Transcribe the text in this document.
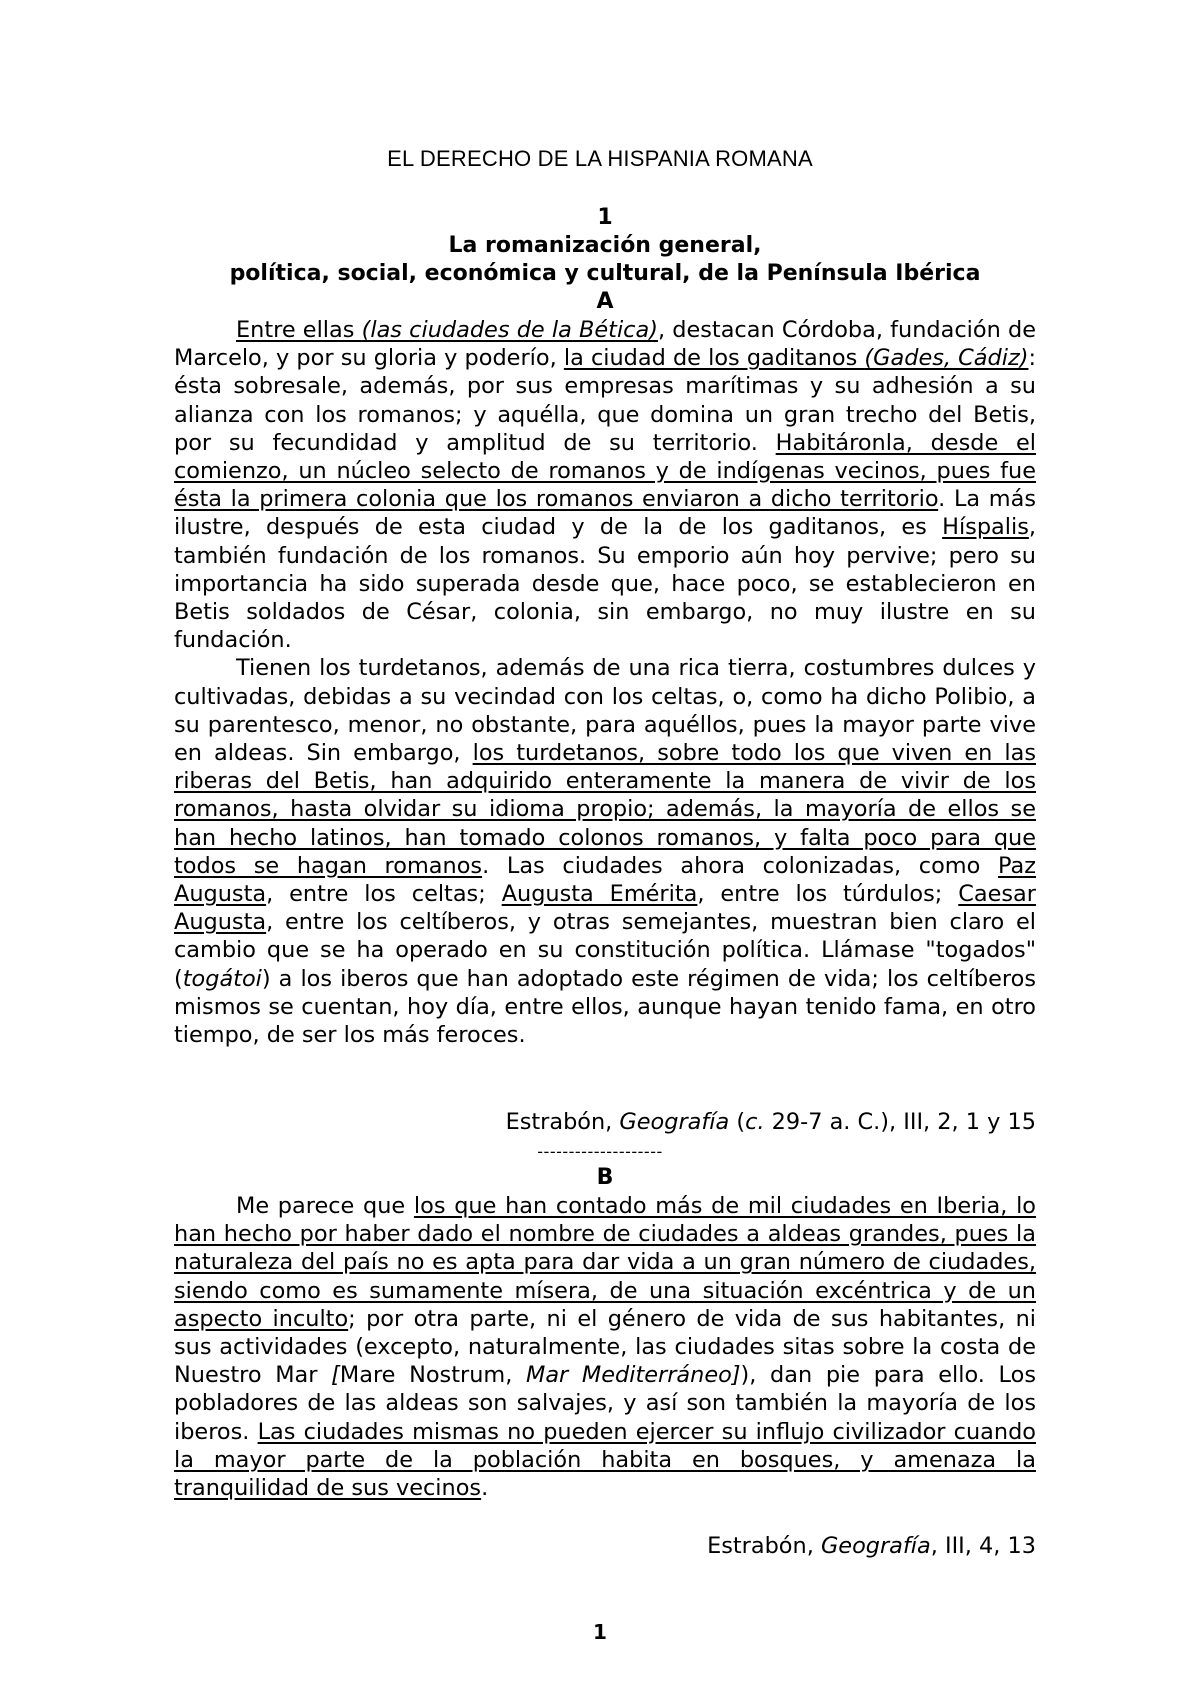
EL DERECHO DE LA HISPANIA ROMANA
1
La romanización general,
política, social, económica y cultural, de la Península Ibérica
A

Entre ellas (las ciudades de la Bética), destacan Córdoba, fundación de Marcelo, y por su gloria y poderío, la ciudad de los gaditanos (Gades, Cádiz): ésta sobresale, además, por sus empresas marítimas y su adhesión a su alianza con los romanos; y aquélla, que domina un gran trecho del Betis, por su fecundidad y amplitud de su territorio. Habitáronla, desde el comienzo, un núcleo selecto de romanos y de indígenas vecinos, pues fue ésta la primera colonia que los romanos enviaron a dicho territorio. La más ilustre, después de esta ciudad y de la de los gaditanos, es Híspalis, también fundación de los romanos. Su emporio aún hoy pervive; pero su importancia ha sido superada desde que, hace poco, se establecieron en Betis soldados de César, colonia, sin embargo, no muy ilustre en su fundación.

Tienen los turdetanos, además de una rica tierra, costumbres dulces y cultivadas, debidas a su vecindad con los celtas, o, como ha dicho Polibio, a su parentesco, menor, no obstante, para aquéllos, pues la mayor parte vive en aldeas. Sin embargo, los turdetanos, sobre todo los que viven en las riberas del Betis, han adquirido enteramente la manera de vivir de los romanos, hasta olvidar su idioma propio; además, la mayoría de ellos se han hecho latinos, han tomado colonos romanos, y falta poco para que todos se hagan romanos. Las ciudades ahora colonizadas, como Paz Augusta, entre los celtas; Augusta Emérita, entre los túrdulos; Caesar Augusta, entre los celtíberos, y otras semejantes, muestran bien claro el cambio que se ha operado en su constitución política. Llámase "togados" (togátoi) a los iberos que han adoptado este régimen de vida; los celtíberos mismos se cuentan, hoy día, entre ellos, aunque hayan tenido fama, en otro tiempo, de ser los más feroces.

Estrabón, Geografía (c. 29-7 a. C.), III, 2, 1 y 15
--------------------
B

Me parece que los que han contado más de mil ciudades en Iberia, lo han hecho por haber dado el nombre de ciudades a aldeas grandes, pues la naturaleza del país no es apta para dar vida a un gran número de ciudades, siendo como es sumamente mísera, de una situación excéntrica y de un aspecto inculto; por otra parte, ni el género de vida de sus habitantes, ni sus actividades (excepto, naturalmente, las ciudades sitas sobre la costa de Nuestro Mar [Mare Nostrum, Mar Mediterráneo]), dan pie para ello. Los pobladores de las aldeas son salvajes, y así son también la mayoría de los iberos. Las ciudades mismas no pueden ejercer su influjo civilizador cuando la mayor parte de la población habita en bosques, y amenaza la tranquilidad de sus vecinos.

Estrabón, Geografía, III, 4, 13
1
